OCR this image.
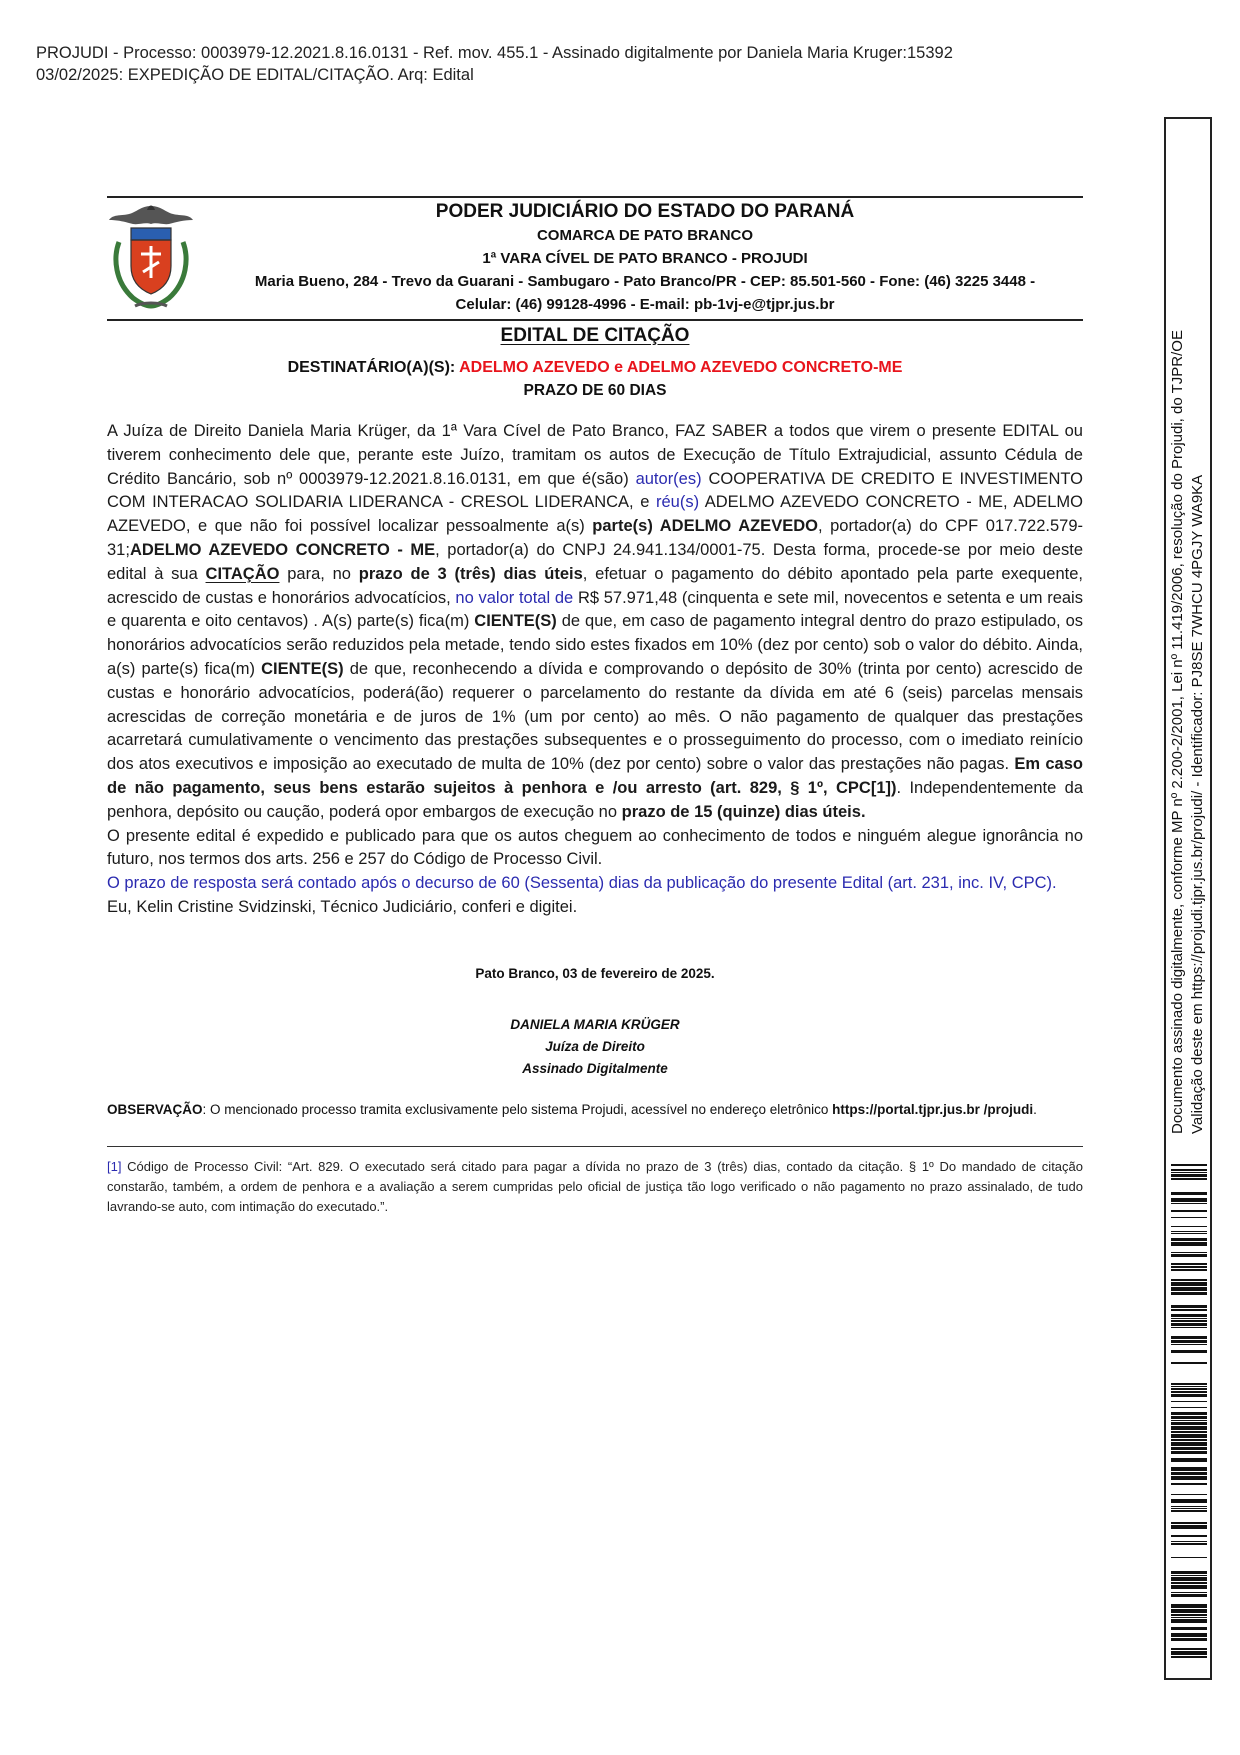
PROJUDI - Processo: 0003979-12.2021.8.16.0131 - Ref. mov. 455.1 - Assinado digitalmente por Daniela Maria Kruger:15392
03/02/2025: EXPEDIÇÃO DE EDITAL/CITAÇÃO. Arq: Edital
Documento assinado digitalmente, conforme MP nº 2.200-2/2001, Lei nº 11.419/2006, resolução do Projudi, do TJPR/OE Validação deste em https://projudi.tjpr.jus.br/projudi/ - Identificador: PJ8SE 7WHCU 4PGJY WA9KA
PODER JUDICIÁRIO DO ESTADO DO PARANÁ
COMARCA DE PATO BRANCO
1ª VARA CÍVEL DE PATO BRANCO - PROJUDI
Maria Bueno, 284 - Trevo da Guarani - Sambugaro - Pato Branco/PR - CEP: 85.501-560 - Fone: (46) 3225 3448 -
Celular: (46) 99128-4996 - E-mail: pb-1vj-e@tjpr.jus.br
EDITAL DE CITAÇÃO
DESTINATÁRIO(A)(S): ADELMO AZEVEDO e ADELMO AZEVEDO CONCRETO-ME
PRAZO DE 60 DIAS

A Juíza de Direito Daniela Maria Krüger, da 1ª Vara Cível de Pato Branco, FAZ SABER a todos que virem o presente EDITAL ou tiverem conhecimento dele que, perante este Juízo, tramitam os autos de Execução de Título Extrajudicial, assunto Cédula de Crédito Bancário, sob nº 0003979-12.2021.8.16.0131, em que é(são) autor(es) COOPERATIVA DE CREDITO E INVESTIMENTO COM INTERACAO SOLIDARIA LIDERANCA - CRESOL LIDERANCA, e réu(s) ADELMO AZEVEDO CONCRETO - ME, ADELMO AZEVEDO, e que não foi possível localizar pessoalmente a(s) parte(s) ADELMO AZEVEDO, portador(a) do CPF 017.722.579-31;ADELMO AZEVEDO CONCRETO - ME, portador(a) do CNPJ 24.941.134/0001-75. Desta forma, procede-se por meio deste edital à sua CITAÇÃO para, no prazo de 3 (três) dias úteis, efetuar o pagamento do débito apontado pela parte exequente, acrescido de custas e honorários advocatícios, no valor total de R$ 57.971,48 (cinquenta e sete mil, novecentos e setenta e um reais e quarenta e oito centavos) . A(s) parte(s) fica(m) CIENTE(S) de que, em caso de pagamento integral dentro do prazo estipulado, os honorários advocatícios serão reduzidos pela metade, tendo sido estes fixados em 10% (dez por cento) sob o valor do débito. Ainda, a(s) parte(s) fica(m) CIENTE(S) de que, reconhecendo a dívida e comprovando o depósito de 30% (trinta por cento) acrescido de custas e honorário advocatícios, poderá(ão) requerer o parcelamento do restante da dívida em até 6 (seis) parcelas mensais acrescidas de correção monetária e de juros de 1% (um por cento) ao mês. O não pagamento de qualquer das prestações acarretará cumulativamente o vencimento das prestações subsequentes e o prosseguimento do processo, com o imediato reinício dos atos executivos e imposição ao executado de multa de 10% (dez por cento) sobre o valor das prestações não pagas. Em caso de não pagamento, seus bens estarão sujeitos à penhora e /ou arresto (art. 829, § 1º, CPC[1]). Independentemente da penhora, depósito ou caução, poderá opor embargos de execução no prazo de 15 (quinze) dias úteis.

O presente edital é expedido e publicado para que os autos cheguem ao conhecimento de todos e ninguém alegue ignorância no futuro, nos termos dos arts. 256 e 257 do Código de Processo Civil.

O prazo de resposta será contado após o decurso de 60 (Sessenta) dias da publicação do presente Edital (art. 231, inc. IV, CPC).

Eu, Kelin Cristine Svidzinski, Técnico Judiciário, conferi e digitei.

Pato Branco, 03 de fevereiro de 2025.
DANIELA MARIA KRÜGER
Juíza de Direito
Assinado Digitalmente
OBSERVAÇÃO: O mencionado processo tramita exclusivamente pelo sistema Projudi, acessível no endereço eletrônico https://portal.tjpr.jus.br /projudi.
[1] Código de Processo Civil: “Art. 829. O executado será citado para pagar a dívida no prazo de 3 (três) dias, contado da citação. § 1º Do mandado de citação constarão, também, a ordem de penhora e a avaliação a serem cumpridas pelo oficial de justiça tão logo verificado o não pagamento no prazo assinalado, de tudo lavrando-se auto, com intimação do executado.”.
